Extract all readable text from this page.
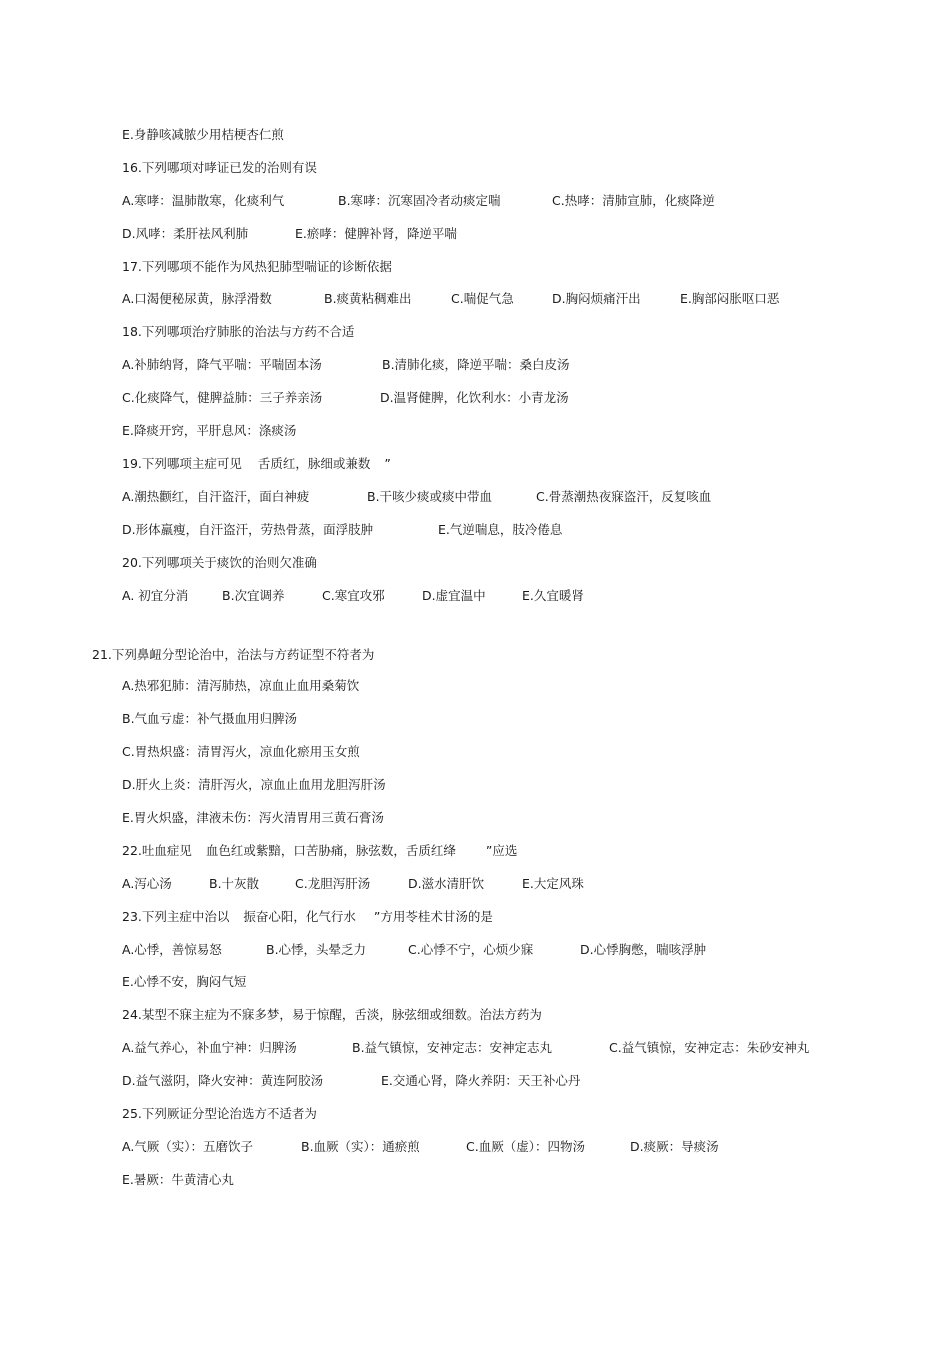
E.身静咳减脓少用桔梗杏仁煎
16.下列哪项对哮证已发的治则有误
A.寒哮：温肺散寒，化痰利气	B.寒哮：沉寒固冷者动痰定喘	C.热哮：清肺宣肺，化痰降逆
D.风哮：柔肝祛风利肺	E.瘀哮：健脾补肾，降逆平喘
17.下列哪项不能作为风热犯肺型喘证的诊断依据
A.口渴便秘尿黄，脉浮滑数	B.痰黄粘稠难出	C.喘促气急	D.胸闷烦痛汗出	E.胸部闷胀呕口恶
18.下列哪项治疗肺胀的治法与方药不合适
A.补肺纳肾，降气平喘：平喘固本汤	B.清肺化痰，降逆平喘：桑白皮汤
C.化痰降气，健脾益肺：三子养亲汤	D.温肾健脾，化饮利水：小青龙汤
E.降痰开窍，平肝息风：涤痰汤
19.下列哪项主症可见 舌质红，脉细或兼数 ”
A.潮热颧红，自汗盗汗，面白神疲	B.干咳少痰或痰中带血	C.骨蒸潮热夜寐盗汗，反复咳血
D.形体羸瘦，自汗盗汗，劳热骨蒸，面浮肢肿	E.气逆喘息，肢冷倦息
20.下列哪项关于痰饮的治则欠准确
A. 初宜分消	B.次宜调养	C.寒宜攻邪	D.虚宜温中	E.久宜暖肾
21.下列鼻衄分型论治中，治法与方药证型不符者为
A.热邪犯肺：清泻肺热，凉血止血用桑菊饮
B.气血亏虚：补气摄血用归脾汤
C.胃热炽盛：清胃泻火，凉血化瘀用玉女煎
D.肝火上炎：清肝泻火，凉血止血用龙胆泻肝汤
E.胃火炽盛，津液未伤：泻火清胃用三黄石膏汤
22.吐血症见 血色红或紫黯，口苦胁痛，脉弦数，舌质红绛 ”应选
A.泻心汤	B.十灰散	C.龙胆泻肝汤	D.滋水清肝饮	E.大定风珠
23.下列主症中治以 振奋心阳，化气行水 ”方用苓桂术甘汤的是
A.心悸，善惊易怒	B.心悸，头晕乏力	C.心悸不宁，心烦少寐	D.心悸胸憋，喘咳浮肿
E.心悸不安，胸闷气短
24.某型不寐主症为不寐多梦，易于惊醒，舌淡，脉弦细或细数。治法方药为
A.益气养心，补血宁神：归脾汤	B.益气镇惊，安神定志：安神定志丸	C.益气镇惊，安神定志：朱砂安神丸
D.益气滋阴，降火安神：黄连阿胶汤	E.交通心肾，降火养阴：天王补心丹
25.下列厥证分型论治选方不适者为
A.气厥（实）：五磨饮子	B.血厥（实）：通瘀煎	C.血厥（虚）：四物汤	D.痰厥：导痰汤
E.暑厥：牛黄清心丸
